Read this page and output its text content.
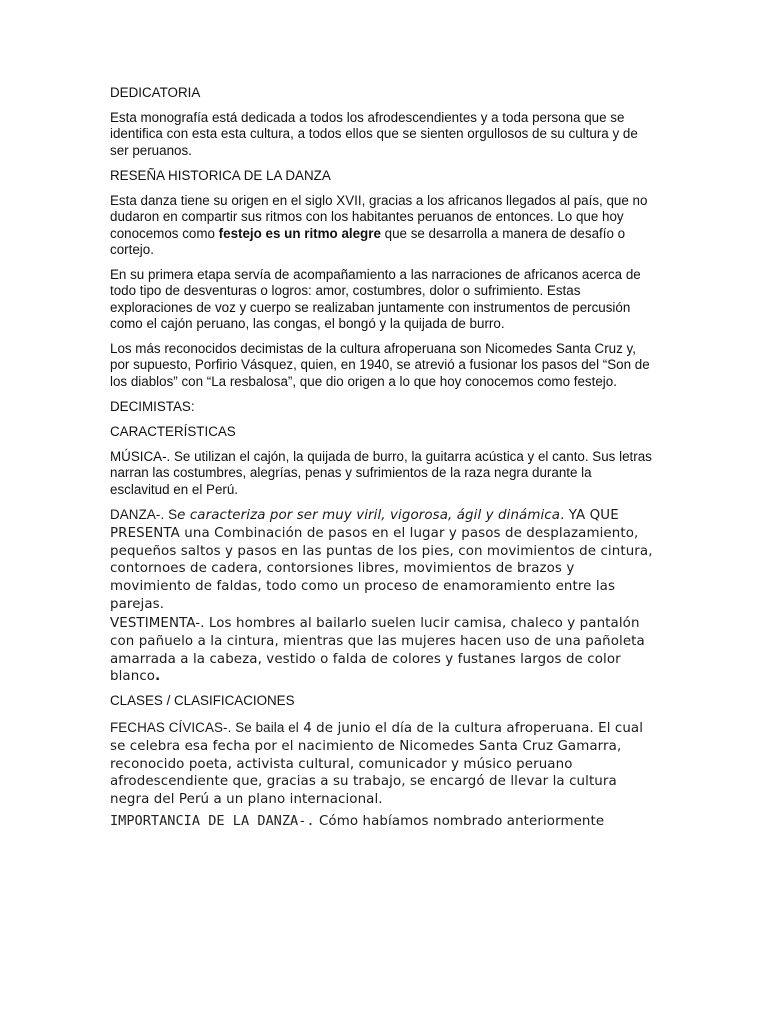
DEDICATORIA

Esta monografía está dedicada a todos los afrodescendientes y a toda persona que se
identifica con esta esta cultura, a todos ellos que se sienten orgullosos de su cultura y de
ser peruanos.
RESEÑA HISTORICA DE LA DANZA
Esta danza tiene su origen en el siglo XVII, gracias a los africanos llegados al país, que no
dudaron en compartir sus ritmos con los habitantes peruanos de entonces. Lo que hoy
conocemos como festejo es un ritmo alegre que se desarrolla a manera de desafío o
cortejo.
En su primera etapa servía de acompañamiento a las narraciones de africanos acerca de
todo tipo de desventuras o logros: amor, costumbres, dolor o sufrimiento. Estas
exploraciones de voz y cuerpo se realizaban juntamente con instrumentos de percusión
como el cajón peruano, las congas, el bongó y la quijada de burro.
Los más reconocidos decimistas de la cultura afroperuana son Nicomedes Santa Cruz y,
por supuesto, Porfirio Vásquez, quien, en 1940, se atrevió a fusionar los pasos del “Son de
los diablos” con “La resbalosa”, que dio origen a lo que hoy conocemos como festejo.
DECIMISTAS:
CARACTERÍSTICAS
MÚSICA-. Se utilizan el cajón, la quijada de burro, la guitarra acústica y el canto. Sus letras
narran las costumbres, alegrías, penas y sufrimientos de la raza negra durante la
esclavitud en el Perú.
DANZA-. Se caracteriza por ser muy viril, vigorosa, ágil y dinámica. YA QUE
PRESENTA una Combinación de pasos en el lugar y pasos de desplazamiento,
pequeños saltos y pasos en las puntas de los pies, con movimientos de cintura,
contornoes de cadera, contorsiones libres, movimientos de brazos y
movimiento de faldas, todo como un proceso de enamoramiento entre las
parejas.
VESTIMENTA-. Los hombres al bailarlo suelen lucir camisa, chaleco y pantalón
con pañuelo a la cintura, mientras que las mujeres hacen uso de una pañoleta
amarrada a la cabeza, vestido o falda de colores y fustanes largos de color
blanco.
CLASES / CLASIFICACIONES
FECHAS CÍVICAS-. Se baila el 4 de junio el día de la cultura afroperuana. El cual
se celebra esa fecha por el nacimiento de Nicomedes Santa Cruz Gamarra,
reconocido poeta, activista cultural, comunicador y músico peruano
afrodescendiente que, gracias a su trabajo, se encargó de llevar la cultura
negra del Perú a un plano internacional.
IMPORTANCIA DE LA DANZA-. Cómo habíamos nombrado anteriormente
